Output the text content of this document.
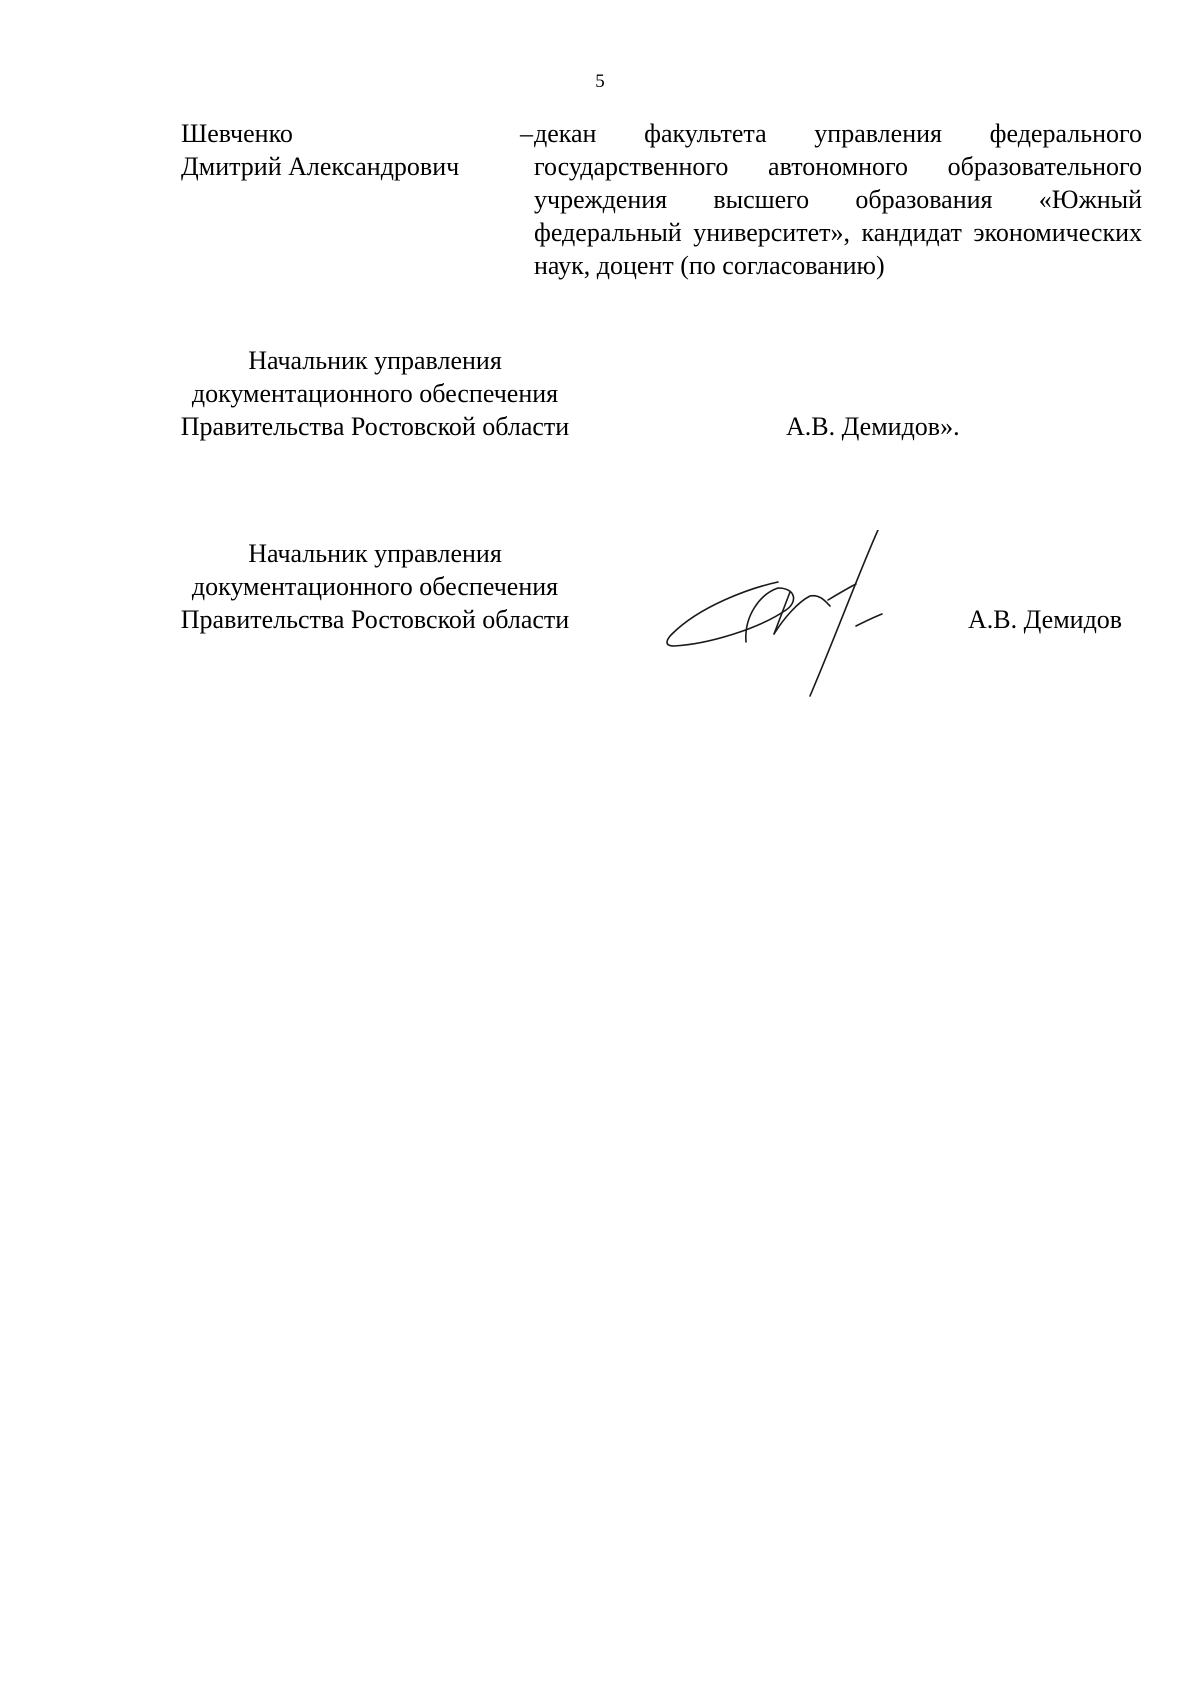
5
Шевченко
Дмитрий Александрович
– декан факультета управления федерального государственного автономного образовательного учреждения высшего образования «Южный федеральный университет», кандидат экономических наук, доцент (по согласованию)
Начальник управления
документационного обеспечения
Правительства Ростовской области	А.В. Демидов».
Начальник управления
документационного обеспечения
Правительства Ростовской области	А.В. Демидов
